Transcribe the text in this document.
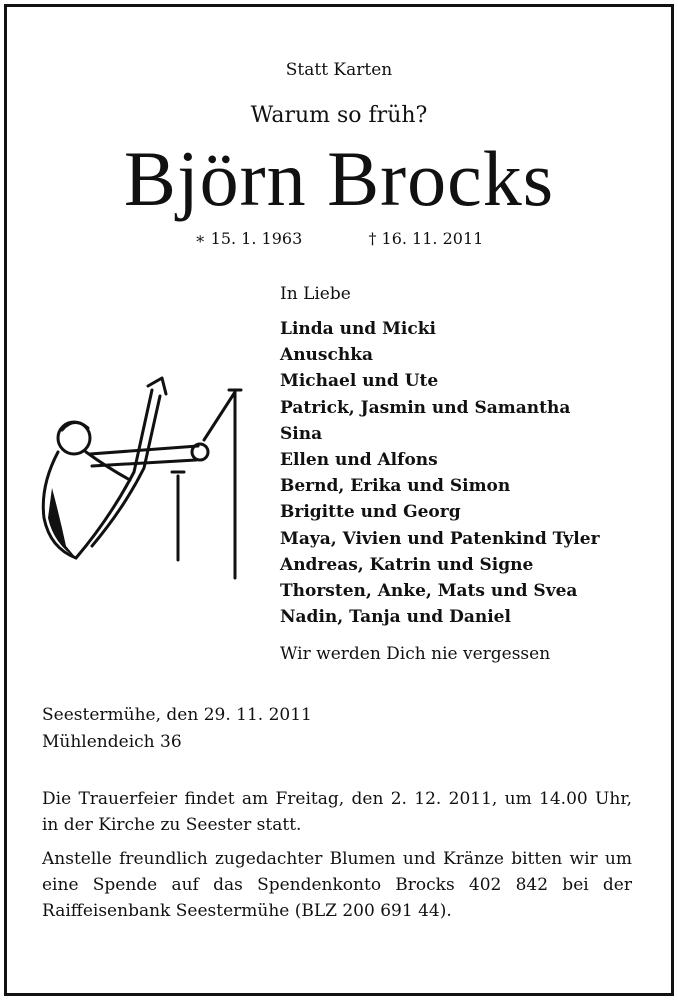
Statt Karten
Warum so früh?
Björn Brocks
∗ 15. 1. 1963	† 16. 11. 2011
In Liebe
Linda und Micki
Anuschka
Michael und Ute
Patrick, Jasmin und Samantha
Sina
Ellen und Alfons
Bernd, Erika und Simon
Brigitte und Georg
Maya, Vivien und Patenkind Tyler
Andreas, Katrin und Signe
Thorsten, Anke, Mats und Svea
Nadin, Tanja und Daniel
Wir werden Dich nie vergessen
Seestermühe, den 29. 11. 2011
Mühlendeich 36
Die Trauerfeier findet am Freitag, den 2. 12. 2011, um 14.00 Uhr, in der Kirche zu Seester statt.
Anstelle freundlich zugedachter Blumen und Kränze bitten wir um eine Spende auf das Spendenkonto Brocks 402 842 bei der Raiffeisenbank Seestermühe (BLZ 200 691 44).
